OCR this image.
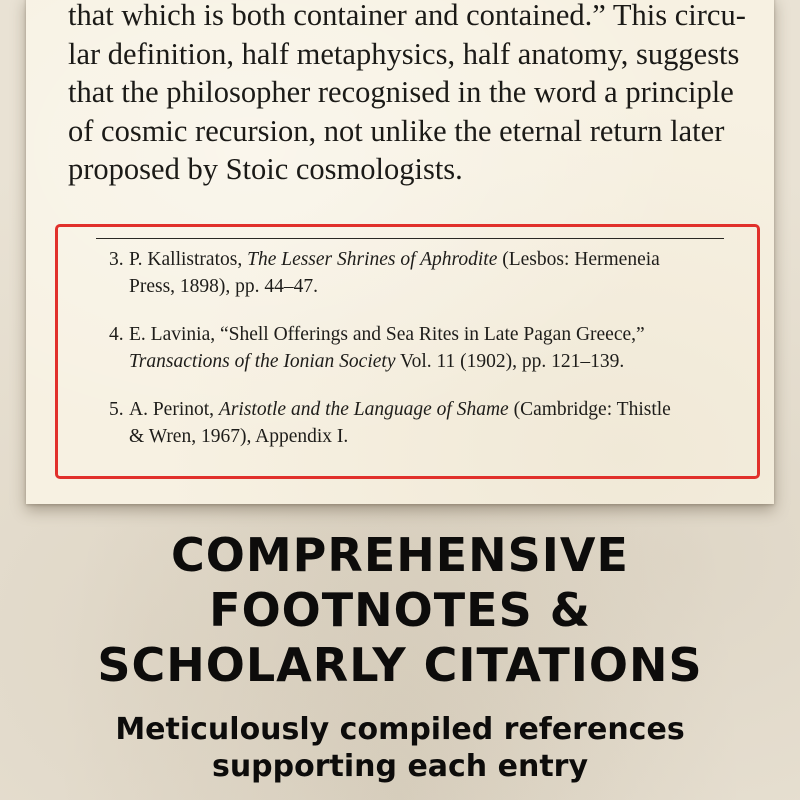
that which is both container and contained.” This circu-
lar definition, half metaphysics, half anatomy, suggests
that the philosopher recognised in the word a principle
of cosmic recursion, not unlike the eternal return later
proposed by Stoic cosmologists.

3. P. Kallistratos, The Lesser Shrines of Aphrodite (Lesbos: Hermeneia
Press, 1898), pp. 44–47.
4. E. Lavinia, “Shell Offerings and Sea Rites in Late Pagan Greece,”
Transactions of the Ionian Society Vol. 11 (1902), pp. 121–139.
5. A. Perinot, Aristotle and the Language of Shame (Cambridge: Thistle
& Wren, 1967), Appendix I.
COMPREHENSIVE
FOOTNOTES &
SCHOLARLY CITATIONS

Meticulously compiled references
supporting each entry
